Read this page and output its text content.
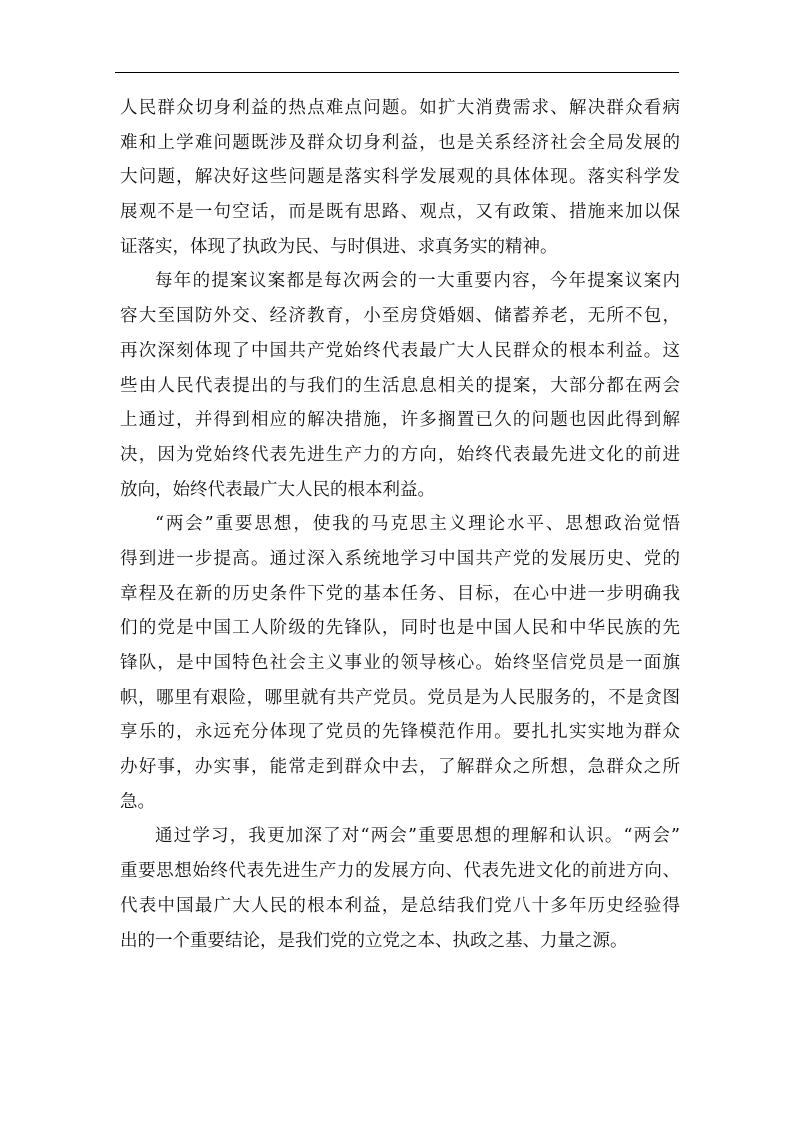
人民群众切身利益的热点难点问题。如扩大消费需求、解决群众看病
难和上学难问题既涉及群众切身利益，也是关系经济社会全局发展的
大问题，解决好这些问题是落实科学发展观的具体体现。落实科学发
展观不是一句空话，而是既有思路、观点，又有政策、措施来加以保
证落实，体现了执政为民、与时俱进、求真务实的精神。
每年的提案议案都是每次两会的一大重要内容，今年提案议案内
容大至国防外交、经济教育，小至房贷婚姻、储蓄养老，无所不包，
再次深刻体现了中国共产党始终代表最广大人民群众的根本利益。这
些由人民代表提出的与我们的生活息息相关的提案，大部分都在两会
上通过，并得到相应的解决措施，许多搁置已久的问题也因此得到解
决，因为党始终代表先进生产力的方向，始终代表最先进文化的前进
放向，始终代表最广大人民的根本利益。
“两会”重要思想，使我的马克思主义理论水平、思想政治觉悟
得到进一步提高。通过深入系统地学习中国共产党的发展历史、党的
章程及在新的历史条件下党的基本任务、目标，在心中进一步明确我
们的党是中国工人阶级的先锋队，同时也是中国人民和中华民族的先
锋队，是中国特色社会主义事业的领导核心。始终坚信党员是一面旗
帜，哪里有艰险，哪里就有共产党员。党员是为人民服务的，不是贪图
享乐的，永远充分体现了党员的先锋模范作用。要扎扎实实地为群众
办好事，办实事，能常走到群众中去，了解群众之所想，急群众之所
急。
通过学习，我更加深了对“两会”重要思想的理解和认识。“两会”
重要思想始终代表先进生产力的发展方向、代表先进文化的前进方向、
代表中国最广大人民的根本利益，是总结我们党八十多年历史经验得
出的一个重要结论，是我们党的立党之本、执政之基、力量之源。
